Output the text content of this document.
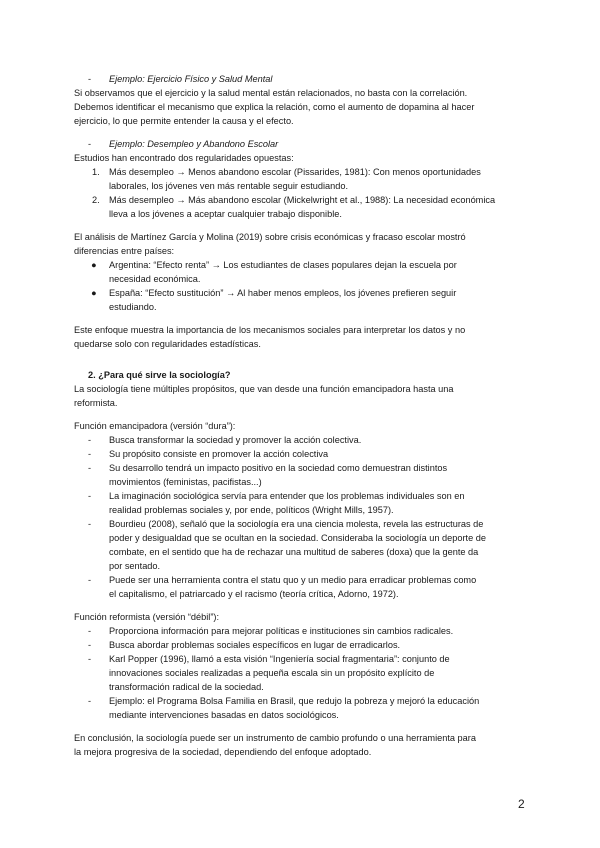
- Ejemplo: Ejercicio Físico y Salud Mental
Si observamos que el ejercicio y la salud mental están relacionados, no basta con la correlación.
Debemos identificar el mecanismo que explica la relación, como el aumento de dopamina al hacer
ejercicio, lo que permite entender la causa y el efecto.
- Ejemplo: Desempleo y Abandono Escolar
Estudios han encontrado dos regularidades opuestas:
1. Más desempleo → Menos abandono escolar (Pissarides, 1981): Con menos oportunidades
laborales, los jóvenes ven más rentable seguir estudiando.
2. Más desempleo → Más abandono escolar (Mickelwright et al., 1988): La necesidad económica
lleva a los jóvenes a aceptar cualquier trabajo disponible.
El análisis de Martínez García y Molina (2019) sobre crisis económicas y fracaso escolar mostró
diferencias entre países:
● Argentina: “Efecto renta” → Los estudiantes de clases populares dejan la escuela por
necesidad económica.
● España: “Efecto sustitución” → Al haber menos empleos, los jóvenes prefieren seguir
estudiando.
Este enfoque muestra la importancia de los mecanismos sociales para interpretar los datos y no
quedarse solo con regularidades estadísticas.
2. ¿Para qué sirve la sociología?
La sociología tiene múltiples propósitos, que van desde una función emancipadora hasta una
reformista.
Función emancipadora (versión “dura”):
- Busca transformar la sociedad y promover la acción colectiva.
- Su propósito consiste en promover la acción colectiva
- Su desarrollo tendrá un impacto positivo en la sociedad como demuestran distintos
movimientos (feministas, pacifistas...)
- La imaginación sociológica servía para entender que los problemas individuales son en
realidad problemas sociales y, por ende, políticos (Wright Mills, 1957).
- Bourdieu (2008), señaló que la sociología era una ciencia molesta, revela las estructuras de
poder y desigualdad que se ocultan en la sociedad. Consideraba la sociología un deporte de
combate, en el sentido que ha de rechazar una multitud de saberes (doxa) que la gente da
por sentado.
- Puede ser una herramienta contra el statu quo y un medio para erradicar problemas como
el capitalismo, el patriarcado y el racismo (teoría crítica, Adorno, 1972).
Función reformista (versión “débil”):
- Proporciona información para mejorar políticas e instituciones sin cambios radicales.
- Busca abordar problemas sociales específicos en lugar de erradicarlos.
- Karl Popper (1996), llamó a esta visión “Ingeniería social fragmentaria”: conjunto de
innovaciones sociales realizadas a pequeña escala sin un propósito explícito de
transformación radical de la sociedad.
- Ejemplo: el Programa Bolsa Familia en Brasil, que redujo la pobreza y mejoró la educación
mediante intervenciones basadas en datos sociológicos.
En conclusión, la sociología puede ser un instrumento de cambio profundo o una herramienta para
la mejora progresiva de la sociedad, dependiendo del enfoque adoptado.
2
